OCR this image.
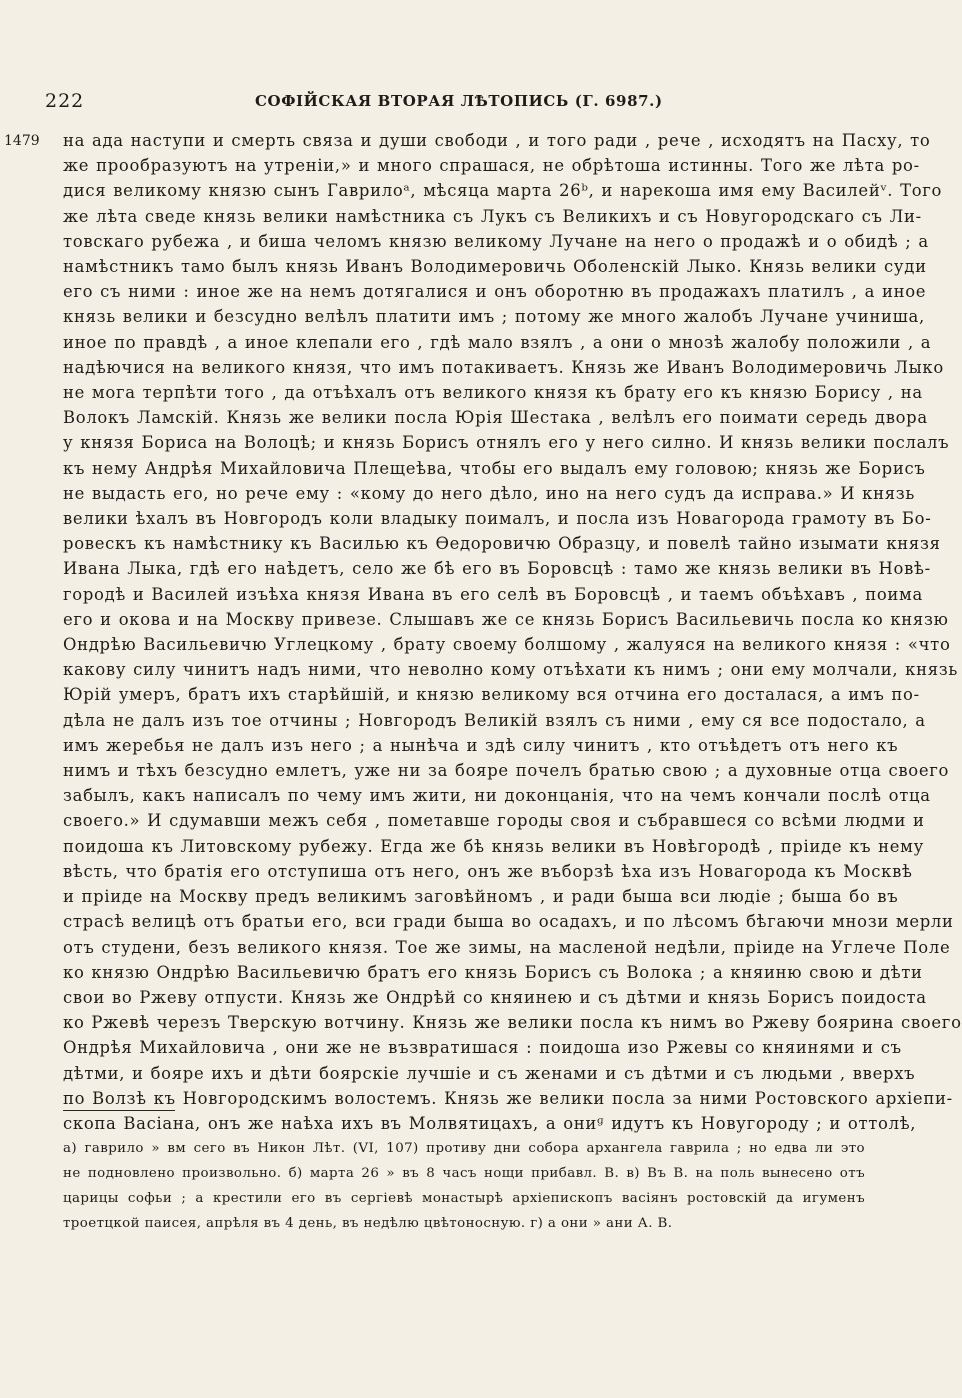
222	СОФІЙСКАЯ ВТОРАЯ ЛѢТОПИСЬ (Г. 6987.)
1479 на ада наступи и смерть связа и души свободи , и того ради , рече , исходятъ на Пасху, то
же прообразуютъ на утреніи,» и много спрашася, не обрѣтоша истинны. Того же лѣта ро-
дися великому князю сынъ Гаврилоᵃ, мѣсяца марта 26ᵇ, и нарекоша имя ему Василейᵛ. Того
же лѣта сведе князь велики намѣстника съ Лукъ съ Великихъ и съ Новугородскаго съ Ли-
товскаго рубежа , и биша челомъ князю великому Лучане на него о продажѣ и о обидѣ ; а
намѣстникъ тамо былъ князь Иванъ Володимеровичь Оболенскій Лыко. Князь велики суди
его съ ними : иное же на немъ дотягалися и онъ оборотню въ продажахъ платилъ , а иное
князь велики и безсудно велѣлъ платити имъ ; потому же много жалобъ Лучане учиниша,
иное по правдѣ , а иное клепали его , гдѣ мало взялъ , а они о мнозѣ жалобу положили , а
надѣючися на великого князя, что имъ потакиваетъ. Князь же Иванъ Володимеровичь Лыко
не мога терпѣти того , да отъѣхалъ отъ великого князя къ брату его къ князю Борису , на
Волокъ Ламскій. Князь же велики посла Юрія Шестака , велѣлъ его поимати середь двора
у князя Бориса на Волоцѣ; и князь Борисъ отнялъ его у него силно. И князь велики послалъ
къ нему Андрѣя Михайловича Плещеѣва, чтобы его выдалъ ему головою; князь же Борисъ
не выдасть его, но рече ему : «кому до него дѣло, ино на него судъ да исправа.» И князь
велики ѣхалъ въ Новгородъ коли владыку поималъ, и посла изъ Новагорода грамоту въ Бо-
ровескъ къ намѣстнику къ Василью къ Ѳедоровичю Образцу, и повелѣ тайно изымати князя
Ивана Лыка, гдѣ его наѣдетъ, село же бѣ его въ Боровсцѣ : тамо же князь велики въ Новѣ-
городѣ и Василей изъѣха князя Ивана въ его селѣ въ Боровсцѣ , и таемъ объѣхавъ , поима
его и окова и на Москву привезе. Слышавъ же се князь Борисъ Васильевичь посла ко князю
Ондрѣю Васильевичю Углецкому , брату своему болшому , жалуяся на великого князя : «что
какову силу чинитъ надъ ними, что неволно кому отъѣхати къ нимъ ; они ему молчали, князь
Юрій умеръ, братъ ихъ старѣйшій, и князю великому вся отчина его досталася, а имъ по-
дѣла не далъ изъ тое отчины ; Новгородъ Великій взялъ съ ними , ему ся все подостало, а
имъ жеребья не далъ изъ него ; а нынѣча и здѣ силу чинитъ , кто отъѣдетъ отъ него къ
нимъ и тѣхъ безсудно емлетъ, уже ни за бояре почелъ братью свою ; а духовные отца своего
забылъ, какъ написалъ по чему имъ жити, ни доконцанія, что на чемъ кончали послѣ отца
своего.» И сдумавши межъ себя , пометавше городы своя и събравшеся со всѣми людми и
поидоша къ Литовскому рубежу. Егда же бѣ князь велики въ Новѣгородѣ , пріиде къ нему
вѣсть, что братія его отступиша отъ него, онъ же въборзѣ ѣха изъ Новагорода къ Москвѣ
и пріиде на Москву предъ великимъ заговѣйномъ , и ради быша вси людіе ; быша бо въ
страсѣ велицѣ отъ братьи его, вси гради быша во осадахъ, и по лѣсомъ бѣгаючи мнози мерли
отъ студени, безъ великого князя. Тое же зимы, на масленой недѣли, пріиде на Углече Поле
ко князю Ондрѣю Васильевичю братъ его князь Борисъ съ Волока ; а княиню свою и дѣти
свои во Ржеву отпусти. Князь же Ондрѣй со княинею и съ дѣтми и князь Борисъ поидоста
ко Ржевѣ черезъ Тверскую вотчину. Князь же велики посла къ нимъ во Ржеву боярина своего
Ондрѣя Михайловича , они же не възвратишася : поидоша изо Ржевы со княинями и съ
дѣтми, и бояре ихъ и дѣти боярскіе лучшіе и съ женами и съ дѣтми и съ людьми , вверхъ
по Волзѣ къ Новгородскимъ волостемъ. Князь же велики посла за ними Ростовского архіепи-
скопа Васіана, онъ же наѣха ихъ въ Молвятицахъ, а ониᶢ идутъ къ Новугороду ; и оттолѣ,
а) гаврило » вм сего въ Никон Лѣт. (VI, 107) противу дни собора архангела гаврила ; но едва ли это
не подновлено произвольно. б) марта 26 » въ 8 часъ нощи прибавл. В. в) Въ В. на поль вынесено отъ
царицы софьи ; а крестили его въ сергіевѣ монастырѣ архіепископъ васіянъ ростовскій да игуменъ
троетцкой паисея, апрѣля въ 4 день, въ недѣлю цвѣтоносную. г) а они » ани А. В.
